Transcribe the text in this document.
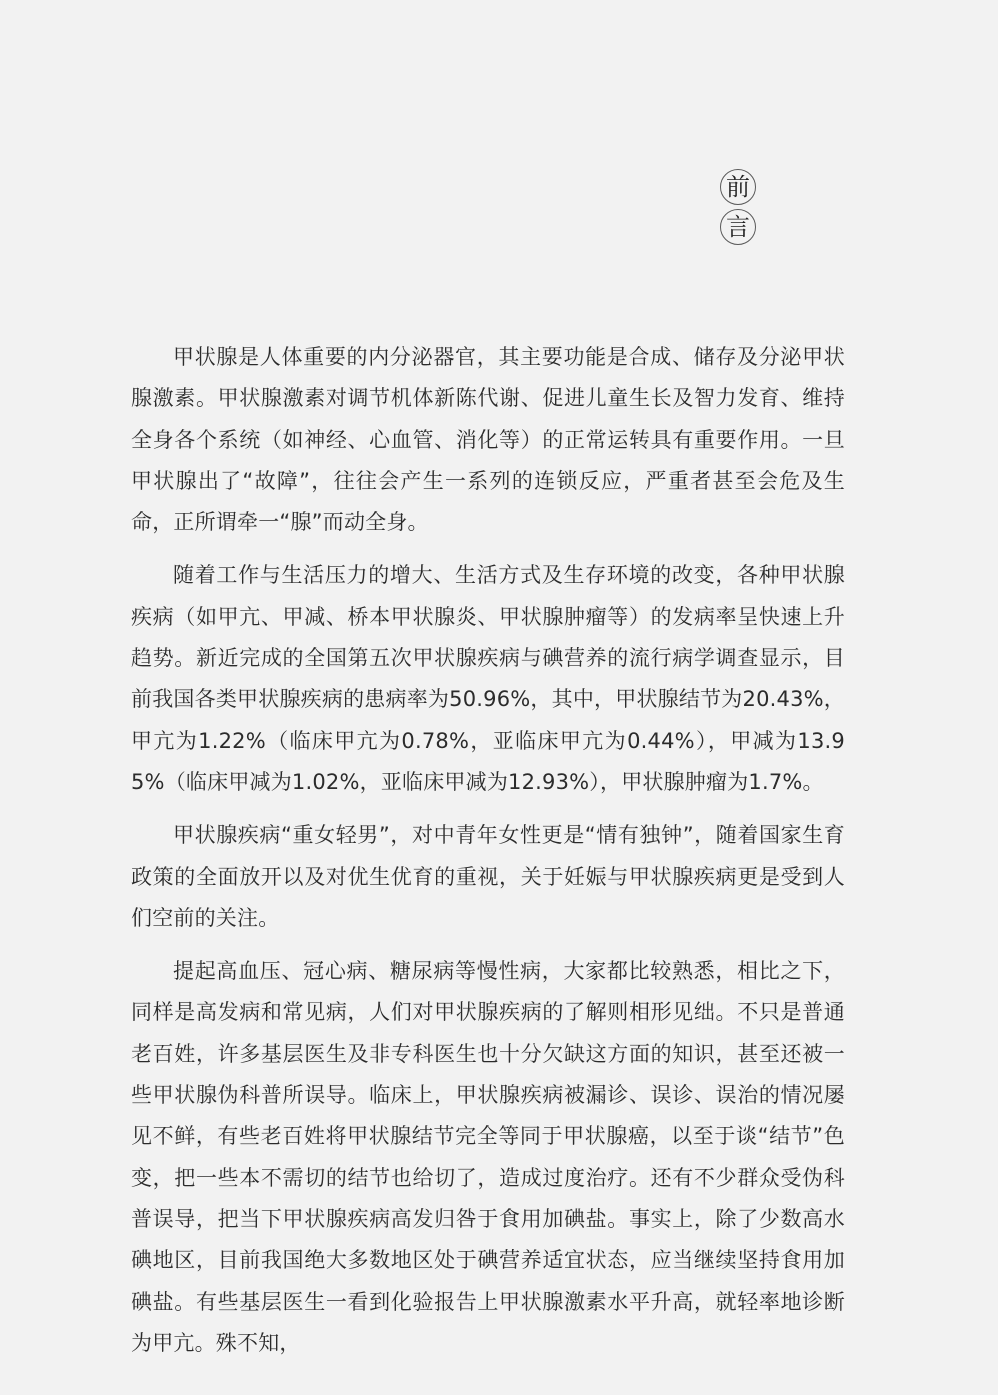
前
言

甲状腺是人体重要的内分泌器官，其主要功能是合成、储存及分泌甲状腺激素。甲状腺激素对调节机体新陈代谢、促进儿童生长及智力发育、维持全身各个系统（如神经、心血管、消化等）的正常运转具有重要作用。一旦甲状腺出了“故障”，往往会产生一系列的连锁反应，严重者甚至会危及生命，正所谓牵一“腺”而动全身。

随着工作与生活压力的增大、生活方式及生存环境的改变，各种甲状腺疾病（如甲亢、甲减、桥本甲状腺炎、甲状腺肿瘤等）的发病率呈快速上升趋势。新近完成的全国第五次甲状腺疾病与碘营养的流行病学调查显示，目前我国各类甲状腺疾病的患病率为50.96%，其中，甲状腺结节为20.43%，甲亢为1.22%（临床甲亢为0.78%，亚临床甲亢为0.44%），甲减为13.95%（临床甲减为1.02%，亚临床甲减为12.93%），甲状腺肿瘤为1.7%。

甲状腺疾病“重女轻男”，对中青年女性更是“情有独钟”，随着国家生育政策的全面放开以及对优生优育的重视，关于妊娠与甲状腺疾病更是受到人们空前的关注。

提起高血压、冠心病、糖尿病等慢性病，大家都比较熟悉，相比之下，同样是高发病和常见病，人们对甲状腺疾病的了解则相形见绌。不只是普通老百姓，许多基层医生及非专科医生也十分欠缺这方面的知识，甚至还被一些甲状腺伪科普所误导。临床上，甲状腺疾病被漏诊、误诊、误治的情况屡见不鲜，有些老百姓将甲状腺结节完全等同于甲状腺癌，以至于谈“结节”色变，把一些本不需切的结节也给切了，造成过度治疗。还有不少群众受伪科普误导，把当下甲状腺疾病高发归咎于食用加碘盐。事实上，除了少数高水碘地区，目前我国绝大多数地区处于碘营养适宜状态，应当继续坚持食用加碘盐。有些基层医生一看到化验报告上甲状腺激素水平升高，就轻率地诊断为甲亢。殊不知，
